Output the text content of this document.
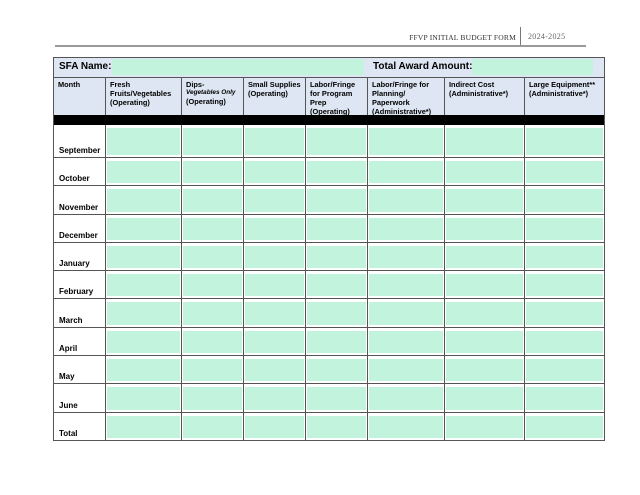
FFVP INITIAL BUDGET FORM 2024-2025
SFA Name:	Total Award Amount:
Month	Fresh Fruits/Vegetables
(Operating)
Dips-
Vegetables Only
(Operating)
Small Supplies
(Operating)
Labor/Fringe for Program Prep
(Operating)
Labor/Fringe for Planning/ Paperwork
(Administrative*)
Indirect Cost
(Administrative*)
Large Equipment**
(Administrative*)
September
October
November
December
January
February
March
April
May
June
Total
